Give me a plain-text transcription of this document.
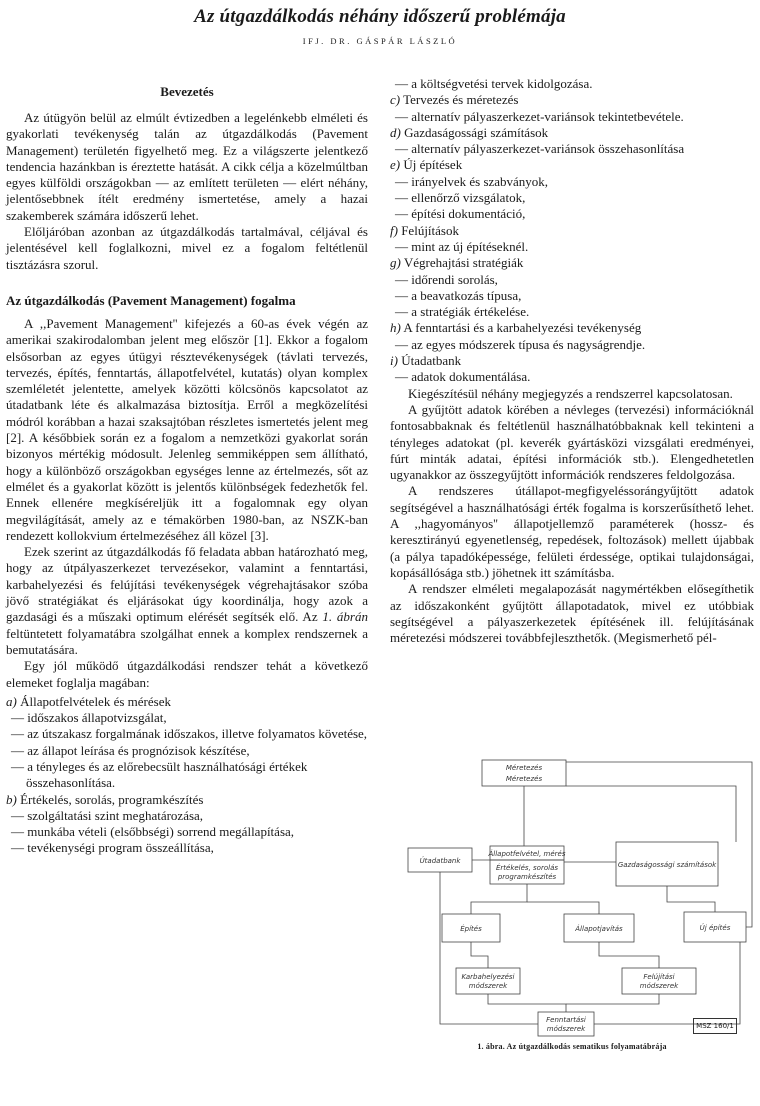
Az útgazdálkodás néhány időszerű problémája
IFJ. DR. GÁSPÁR LÁSZLÓ
Bevezetés

Az útügyön belül az elmúlt évtizedben a legelénkebb elméleti és gyakorlati tevékenység talán az útgazdálkodás (Pavement Management) területén figyelhető meg. Ez a világszerte jelentkező tendencia hazánkban is éreztette hatását. A cikk célja a közelmúltban egyes külföldi országokban — az említett területen — elért néhány, jelentősebbnek ítélt eredmény ismertetése, amely a hazai szakemberek számára időszerű lehet.

Előljáróban azonban az útgazdálkodás tartalmával, céljával és jelentésével kell foglalkozni, mivel ez a fogalom feltétlenül tisztázásra szorul.

Az útgazdálkodás (Pavement Management) fogalma

A ,,Pavement Management'' kifejezés a 60-as évek végén az amerikai szakirodalomban jelent meg először [1]. Ekkor a fogalom elsősorban az egyes útügyi résztevékenységek (távlati tervezés, tervezés, építés, fenntartás, állapotfelvétel, kutatás) olyan komplex szemléletét jelentette, amelyek közötti kölcsönös kapcsolatot az útadatbank léte és alkalmazása biztosítja. Erről a megközelítési módról korábban a hazai szaksajtóban részletes ismertetés jelent meg [2]. A későbbiek során ez a fogalom a nemzetközi gyakorlat során bizonyos mértékig módosult. Jelenleg semmiképpen sem állítható, hogy a különböző országokban egységes lenne az értelmezés, sőt az elmélet és a gyakorlat között is jelentős különbségek fedezhetők fel. Ennek ellenére megkíséreljük itt a fogalomnak egy olyan megvilágítását, amely az e témakörben 1980-ban, az NSZK-ban rendezett kollokvium értelmezéséhez áll közel [3].

Ezek szerint az útgazdálkodás fő feladata abban határozható meg, hogy az útpályaszerkezet tervezésekor, valamint a fenntartási, karbahelyezési és felújítási tevékenységek végrehajtásakor szóba jövő stratégiákat és eljárásokat úgy koordinálja, hogy azok a gazdasági és a műszaki optimum elérését segítsék elő. Az 1. ábrán feltüntetett folyamatábra szolgálhat ennek a komplex rendszernek a bemutatására.

Egy jól működő útgazdálkodási rendszer tehát a következő elemeket foglalja magában:

a) Állapotfelvételek és mérések
— időszakos állapotvizsgálat,
— az útszakasz forgalmának időszakos, illetve folyamatos követése,
— az állapot leírása és prognózisok készítése,
— a tényleges és az előrebecsült használhatósági értékek összehasonlítása.
b) Értékelés, sorolás, programkészítés
— szolgáltatási szint meghatározása,
— munkába vételi (elsőbbségi) sorrend megállapítása,
— tevékenységi program összeállítása,
— a költségvetési tervek kidolgozása.
c) Tervezés és méretezés
— alternatív pályaszerkezet-variánsok tekintetbevétele.
d) Gazdaságossági számítások
— alternatív pályaszerkezet-variánsok összehasonlítása
e) Új építések
— irányelvek és szabványok,
— ellenőrző vizsgálatok,
— építési dokumentáció,
f) Felújítások
— mint az új építéseknél.
g) Végrehajtási stratégiák
— időrendi sorolás,
— a beavatkozás típusa,
— a stratégiák értékelése.
h) A fenntartási és a karbahelyezési tevékenység
— az egyes módszerek típusa és nagyságrendje.
i) Útadatbank
— adatok dokumentálása.

Kiegészítésül néhány megjegyzés a rendszerrel kapcsolatosan.

A gyűjtött adatok körében a névleges (tervezési) információknál fontosabbaknak és feltétlenül használhatóbbaknak kell tekinteni a tényleges adatokat (pl. keverék gyártásközi vizsgálati eredményei, fúrt minták adatai, építési információk stb.). Elengedhetetlen ugyanakkor az összegyűjtött információk rendszeres feldolgozása.

A rendszeres útállapot-megfigyeléssorángyűjtött adatok segítségével a használhatósági érték fogalma is korszerűsíthető lehet. A ,,hagyományos'' állapotjellemző paraméterek (hossz- és keresztirányú egyenetlenség, repedések, foltozások) mellett újabbak (a pálya tapadóképessége, felületi érdessége, optikai tulajdonságai, kopásállósága stb.) jöhetnek itt számításba.

A rendszer elméleti megalapozását nagymértékben elősegíthetik az időszakonként gyűjtött állapotadatok, mivel ez utóbbiak segítségével a pályaszerkezetek építésének ill. felújításának méretezési módszerei továbbfejleszthetők. (Megismerhető pél-

Méretezés
Méretezés
Útadatbank
Állapotfelvétel, mérés
Értékelés, sorolás
programkészítés
Gazdaságossági számítások
Építés	Állapotjavítás	Új építés
Karbahelyezési
módszerek
Felújítási
módszerek
Fenntartási
módszerek	MSZ 160/1
1. ábra. Az útgazdálkodás sematikus folyamatábrája
